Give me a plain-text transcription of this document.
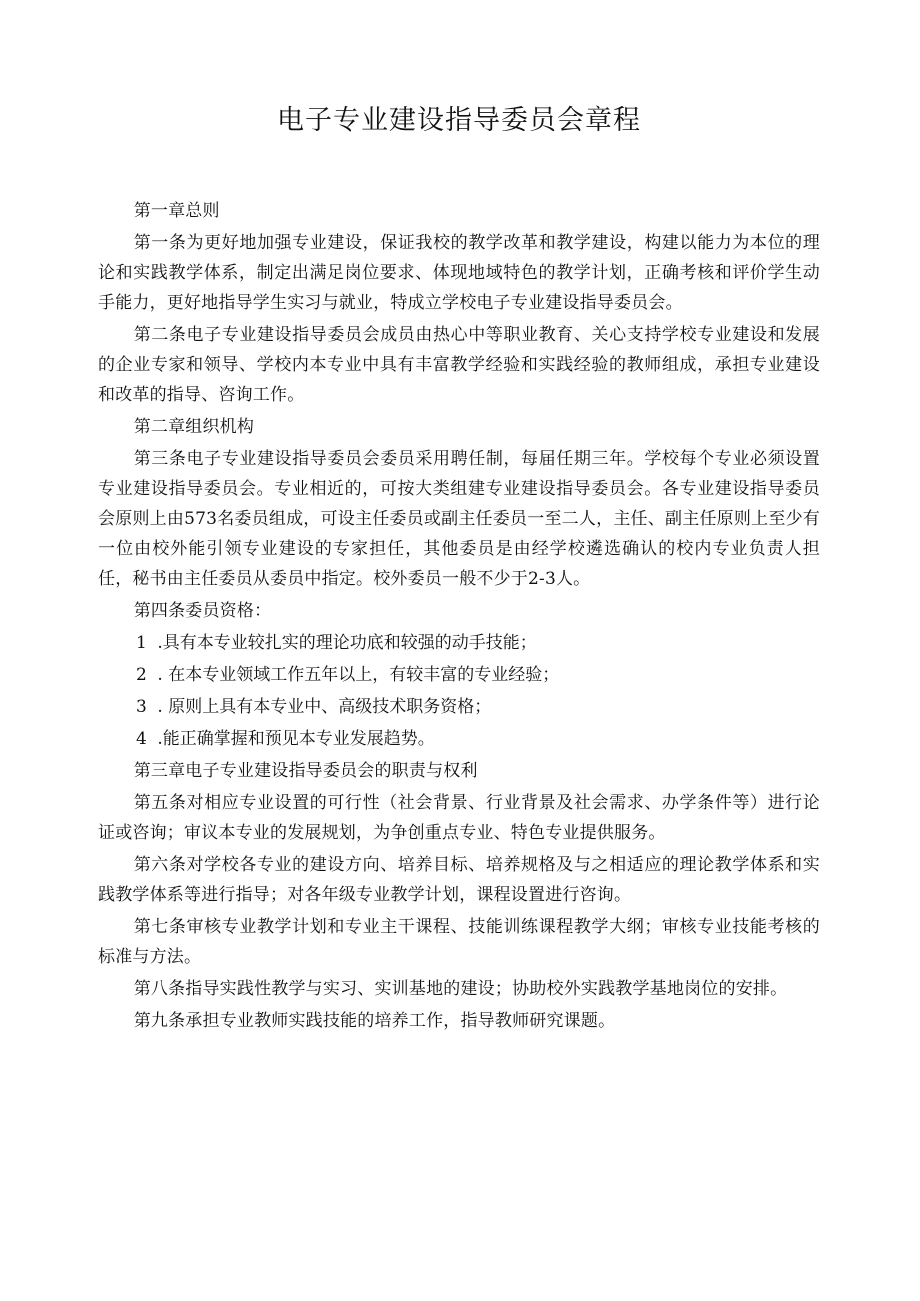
电子专业建设指导委员会章程

第一章总则

第一条为更好地加强专业建设，保证我校的教学改革和教学建设，构建以能力为本位的理论和实践教学体系，制定出满足岗位要求、体现地域特色的教学计划，正确考核和评价学生动手能力，更好地指导学生实习与就业，特成立学校电子专业建设指导委员会。

第二条电子专业建设指导委员会成员由热心中等职业教育、关心支持学校专业建设和发展的企业专家和领导、学校内本专业中具有丰富教学经验和实践经验的教师组成，承担专业建设和改革的指导、咨询工作。

第二章组织机构

第三条电子专业建设指导委员会委员采用聘任制，每届任期三年。学校每个专业必须设置专业建设指导委员会。专业相近的，可按大类组建专业建设指导委员会。各专业建设指导委员会原则上由573名委员组成，可设主任委员或副主任委员一至二人，主任、副主任原则上至少有一位由校外能引领专业建设的专家担任，其他委员是由经学校遴选确认的校内专业负责人担任，秘书由主任委员从委员中指定。校外委员一般不少于2-3人。

第四条委员资格：

1 .具有本专业较扎实的理论功底和较强的动手技能；

2 . 在本专业领域工作五年以上，有较丰富的专业经验；

3 . 原则上具有本专业中、高级技术职务资格；

4 .能正确掌握和预见本专业发展趋势。

第三章电子专业建设指导委员会的职责与权利

第五条对相应专业设置的可行性（社会背景、行业背景及社会需求、办学条件等）进行论证或咨询；审议本专业的发展规划，为争创重点专业、特色专业提供服务。

第六条对学校各专业的建设方向、培养目标、培养规格及与之相适应的理论教学体系和实践教学体系等进行指导；对各年级专业教学计划，课程设置进行咨询。

第七条审核专业教学计划和专业主干课程、技能训练课程教学大纲；审核专业技能考核的标准与方法。

第八条指导实践性教学与实习、实训基地的建设；协助校外实践教学基地岗位的安排。

第九条承担专业教师实践技能的培养工作，指导教师研究课题。
